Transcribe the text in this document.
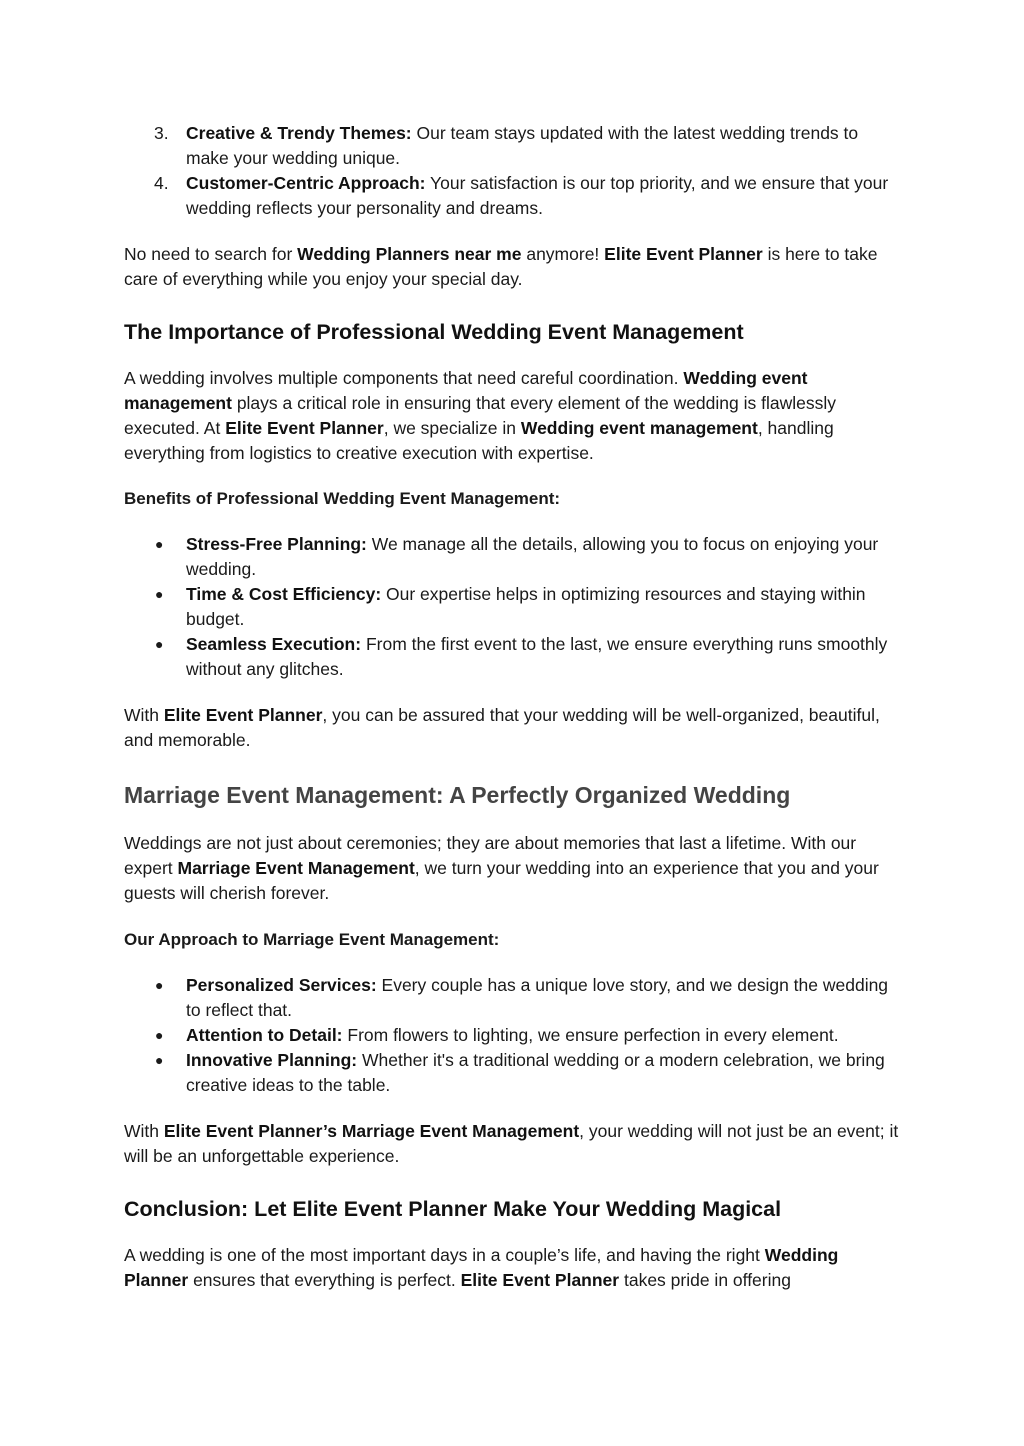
3. Creative & Trendy Themes: Our team stays updated with the latest wedding trends to make your wedding unique.
4. Customer-Centric Approach: Your satisfaction is our top priority, and we ensure that your wedding reflects your personality and dreams.

No need to search for Wedding Planners near me anymore! Elite Event Planner is here to take care of everything while you enjoy your special day.

The Importance of Professional Wedding Event Management

A wedding involves multiple components that need careful coordination. Wedding event management plays a critical role in ensuring that every element of the wedding is flawlessly executed. At Elite Event Planner, we specialize in Wedding event management, handling everything from logistics to creative execution with expertise.

Benefits of Professional Wedding Event Management:
● Stress-Free Planning: We manage all the details, allowing you to focus on enjoying your wedding.
● Time & Cost Efficiency: Our expertise helps in optimizing resources and staying within budget.
● Seamless Execution: From the first event to the last, we ensure everything runs smoothly without any glitches.

With Elite Event Planner, you can be assured that your wedding will be well-organized, beautiful, and memorable.

Marriage Event Management: A Perfectly Organized Wedding

Weddings are not just about ceremonies; they are about memories that last a lifetime. With our expert Marriage Event Management, we turn your wedding into an experience that you and your guests will cherish forever.

Our Approach to Marriage Event Management:
● Personalized Services: Every couple has a unique love story, and we design the wedding to reflect that.
● Attention to Detail: From flowers to lighting, we ensure perfection in every element.
● Innovative Planning: Whether it's a traditional wedding or a modern celebration, we bring creative ideas to the table.

With Elite Event Planner’s Marriage Event Management, your wedding will not just be an event; it will be an unforgettable experience.

Conclusion: Let Elite Event Planner Make Your Wedding Magical

A wedding is one of the most important days in a couple’s life, and having the right Wedding Planner ensures that everything is perfect. Elite Event Planner takes pride in offering
